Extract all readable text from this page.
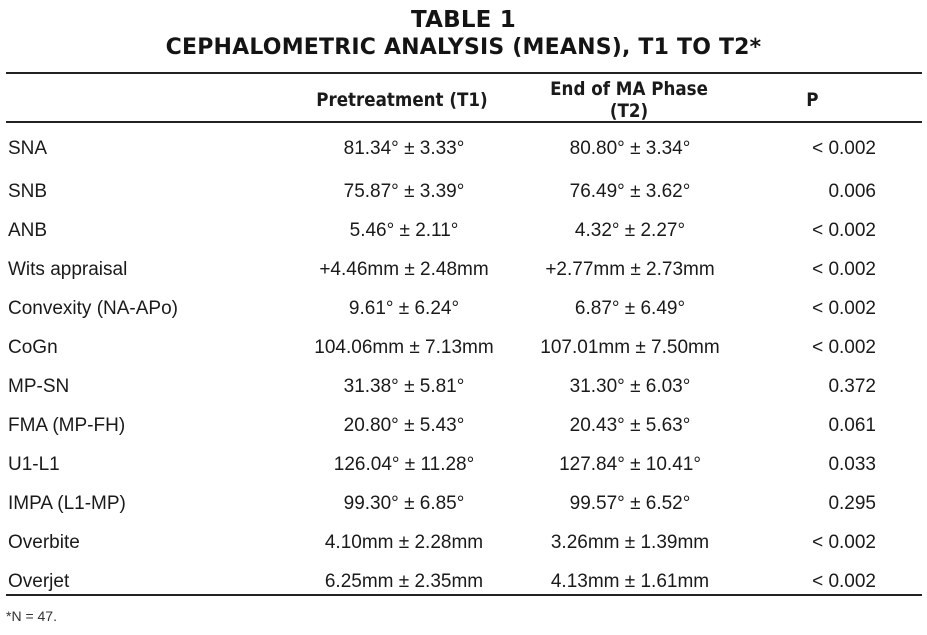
TABLE 1
CEPHALOMETRIC ANALYSIS (MEANS), T1 TO T2*
	Pretreatment (T1)	End of MA Phase (T2)	P
SNA	81.34° ± 3.33°	80.80° ± 3.34°	< 0.002
SNB	75.87° ± 3.39°	76.49° ± 3.62°	0.006
ANB	5.46° ± 2.11°	4.32° ± 2.27°	< 0.002
Wits appraisal	+4.46mm ± 2.48mm	+2.77mm ± 2.73mm	< 0.002
Convexity (NA-APo)	9.61° ± 6.24°	6.87° ± 6.49°	< 0.002
CoGn	104.06mm ± 7.13mm	107.01mm ± 7.50mm	< 0.002
MP-SN	31.38° ± 5.81°	31.30° ± 6.03°	0.372
FMA (MP-FH)	20.80° ± 5.43°	20.43° ± 5.63°	0.061
U1-L1	126.04° ± 11.28°	127.84° ± 10.41°	0.033
IMPA (L1-MP)	99.30° ± 6.85°	99.57° ± 6.52°	0.295
Overbite	4.10mm ± 2.28mm	3.26mm ± 1.39mm	< 0.002
Overjet	6.25mm ± 2.35mm	4.13mm ± 1.61mm	< 0.002
*N = 47.
